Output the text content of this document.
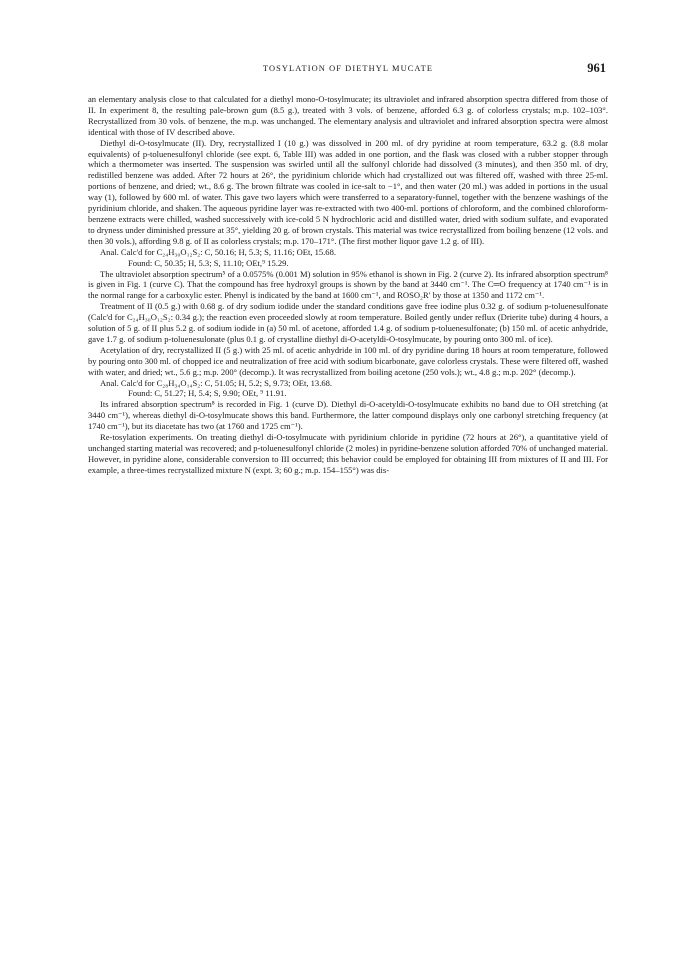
TOSYLATION OF DIETHYL MUCATE	961

an elementary analysis close to that calculated for a diethyl mono-O-tosylmucate; its ultraviolet and infrared absorption spectra differed from those of II. In experiment 8, the resulting pale-brown gum (8.5 g.), treated with 3 vols. of benzene, afforded 6.3 g. of colorless crystals; m.p. 102–103°. Recrystallized from 30 vols. of benzene, the m.p. was unchanged. The elementary analysis and ultraviolet and infrared absorption spectra were almost identical with those of IV described above.

Diethyl di-O-tosylmucate (II). Dry, recrystallized I (10 g.) was dissolved in 200 ml. of dry pyridine at room temperature, 63.2 g. (8.8 molar equivalents) of p-toluenesulfonyl chloride (see expt. 6, Table III) was added in one portion, and the flask was closed with a rubber stopper through which a thermometer was inserted. The suspension was swirled until all the sulfonyl chloride had dissolved (3 minutes), and then 350 ml. of dry, redistilled benzene was added. After 72 hours at 26°, the pyridinium chloride which had crystallized out was filtered off, washed with three 25-ml. portions of benzene, and dried; wt., 8.6 g. The brown filtrate was cooled in ice-salt to −1°, and then water (20 ml.) was added in portions in the usual way (1), followed by 600 ml. of water. This gave two layers which were transferred to a separatory-funnel, together with the benzene washings of the pyridinium chloride, and shaken. The aqueous pyridine layer was re-extracted with two 400-ml. portions of chloroform, and the combined chloroform-benzene extracts were chilled, washed successively with ice-cold 5 N hydrochloric acid and distilled water, dried with sodium sulfate, and evaporated to dryness under diminished pressure at 35°, yielding 20 g. of brown crystals. This material was twice recrystallized from boiling benzene (12 vols. and then 30 vols.), affording 9.8 g. of II as colorless crystals; m.p. 170–171°. (The first mother liquor gave 1.2 g. of III).

Anal. Calc'd for C₂₄H₃₀O₁₂S₂: C, 50.16; H, 5.3; S, 11.16; OEt, 15.68.

Found: C, 50.35; H, 5.3; S, 11.10; OEt,⁹ 15.29.

The ultraviolet absorption spectrum⁵ of a 0.0575% (0.001 M) solution in 95% ethanol is shown in Fig. 2 (curve 2). Its infrared absorption spectrum⁸ is given in Fig. 1 (curve C). That the compound has free hydroxyl groups is shown by the band at 3440 cm⁻¹. The C═O frequency at 1740 cm⁻¹ is in the normal range for a carboxylic ester. Phenyl is indicated by the band at 1600 cm⁻¹, and ROSO₂R′ by those at 1350 and 1172 cm⁻¹.

Treatment of II (0.5 g.) with 0.68 g. of dry sodium iodide under the standard conditions gave free iodine plus 0.32 g. of sodium p-toluenesulfonate (Calc'd for C₂₄H₃₀O₁₂S₂: 0.34 g.); the reaction even proceeded slowly at room temperature. Boiled gently under reflux (Drierite tube) during 4 hours, a solution of 5 g. of II plus 5.2 g. of sodium iodide in (a) 50 ml. of acetone, afforded 1.4 g. of sodium p-toluenesulfonate; (b) 150 ml. of acetic anhydride, gave 1.7 g. of sodium p-toluenesulonate (plus 0.1 g. of crystalline diethyl di-O-acetyldi-O-tosylmucate, by pouring onto 300 ml. of ice).

Acetylation of dry, recrystallized II (5 g.) with 25 ml. of acetic anhydride in 100 ml. of dry pyridine during 18 hours at room temperature, followed by pouring onto 300 ml. of chopped ice and neutralization of free acid with sodium bicarbonate, gave colorless crystals. These were filtered off, washed with water, and dried; wt., 5.6 g.; m.p. 200° (decomp.). It was recrystallized from boiling acetone (250 vols.); wt., 4.8 g.; m.p. 202° (decomp.).

Anal. Calc'd for C₂₈H₃₄O₁₄S₂: C, 51.05; H, 5.2; S, 9.73; OEt, 13.68.

Found: C, 51.27; H, 5.4; S, 9.90; OEt, ⁹ 11.91.

Its infrared absorption spectrum⁸ is recorded in Fig. 1 (curve D). Diethyl di-O-acetyldi-O-tosylmucate exhibits no band due to OH stretching (at 3440 cm⁻¹), whereas diethyl di-O-tosylmucate shows this band. Furthermore, the latter compound displays only one carbonyl stretching frequency (at 1740 cm⁻¹), but its diacetate has two (at 1760 and 1725 cm⁻¹).

Re-tosylation experiments. On treating diethyl di-O-tosylmucate with pyridinium chloride in pyridine (72 hours at 26°), a quantitative yield of unchanged starting material was recovered; and p-toluenesulfonyl chloride (2 moles) in pyridine-benzene solution afforded 70% of unchanged material. However, in pyridine alone, considerable conversion to III occurred; this behavior could be employed for obtaining III from mixtures of II and III. For example, a three-times recrystallized mixture N (expt. 3; 60 g.; m.p. 154–155°) was dis-
